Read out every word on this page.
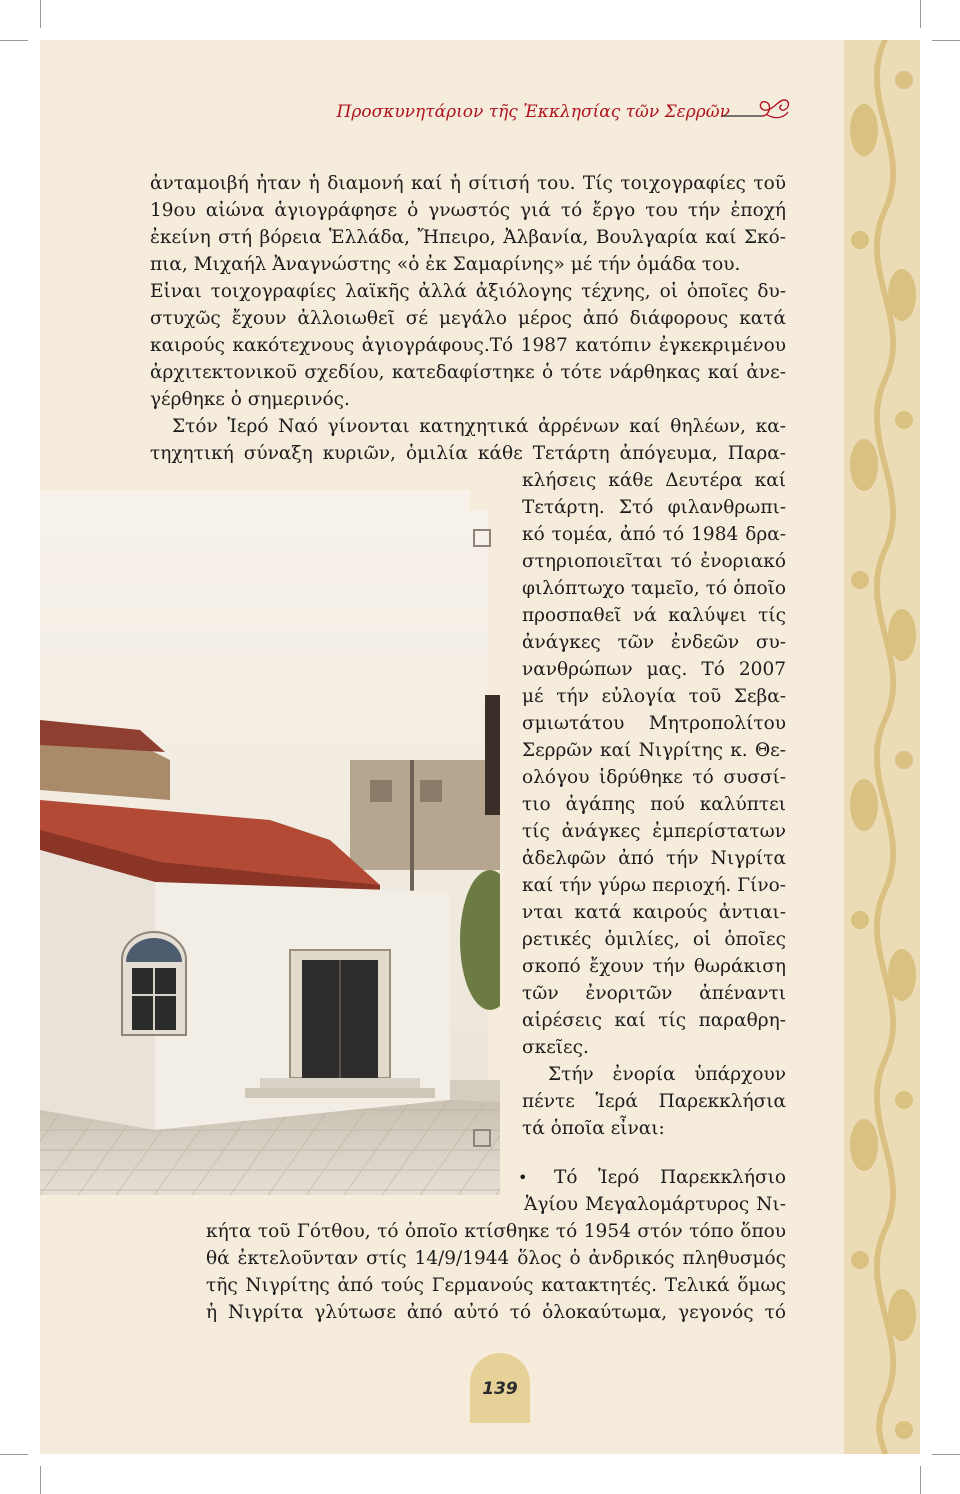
Προσκυνητάριον τῆς Ἐκκλησίας τῶν Σερρῶν
ἀνταμοιβή ἦταν ἡ διαμονή καί ἡ σίτισή του. Τίς τοιχογραφίες τοῦ
19ου αἰώνα ἁγιογράφησε ὁ γνωστός γιά τό ἔργο του τήν ἐποχή
ἐκείνη στή βόρεια Ἑλλάδα, Ἤπειρο, Ἀλβανία, Βουλγαρία καί Σκό-
πια, Μιχαήλ Ἀναγνώστης «ὁ ἐκ Σαμαρίνης» μέ τήν ὁμάδα του.
Εἶναι τοιχογραφίες λαϊκῆς ἀλλά ἀξιόλογης τέχνης, οἱ ὁποῖες δυ-
στυχῶς ἔχουν ἀλλοιωθεῖ σέ μεγάλο μέρος ἀπό διάφορους κατά
καιρούς κακότεχνους ἁγιογράφους.Τό 1987 κατόπιν ἐγκεκριμένου
ἀρχιτεκτονικοῦ σχεδίου, κατεδαφίστηκε ὁ τότε νάρθηκας καί ἀνε-
γέρθηκε ὁ σημερινός.
Στόν Ἱερό Ναό γίνονται κατηχητικά ἀρρένων καί θηλέων, κα-
τηχητική σύναξη κυριῶν, ὁμιλία κάθε Τετάρτη ἀπόγευμα, Παρα-
κλήσεις κάθε Δευτέρα καί
Τετάρτη. Στό φιλανθρωπι-
κό τομέα, ἀπό τό 1984 δρα-
στηριοποιεῖται τό ἐνοριακό
φιλόπτωχο ταμεῖο, τό ὁποῖο
προσπαθεῖ νά καλύψει τίς
ἀνάγκες τῶν ἐνδεῶν συ-
νανθρώπων μας. Τό 2007
μέ τήν εὐλογία τοῦ Σεβα-
σμιωτάτου Μητροπολίτου
Σερρῶν καί Νιγρίτης κ. Θε-
ολόγου ἱδρύθηκε τό συσσί-
τιο ἀγάπης πού καλύπτει
τίς ἀνάγκες ἐμπερίστατων
ἀδελφῶν ἀπό τήν Νιγρίτα
καί τήν γύρω περιοχή. Γίνο-
νται κατά καιρούς ἀντιαι-
ρετικές ὁμιλίες, οἱ ὁποῖες
σκοπό ἔχουν τήν θωράκιση
τῶν ἐνοριτῶν ἀπέναντι
αἱρέσεις καί τίς παραθρη-
σκεῖες.
Στήν ἐνορία ὑπάρχουν
πέντε Ἱερά Παρεκκλήσια
τά ὁποῖα εἶναι:
• Τό Ἱερό Παρεκκλήσιο
Ἁγίου Μεγαλομάρτυρος Νι-
κήτα τοῦ Γότθου, τό ὁποῖο κτίσθηκε τό 1954 στόν τόπο ὅπου
θά ἐκτελοῦνταν στίς 14/9/1944 ὅλος ὁ ἀνδρικός πληθυσμός
τῆς Νιγρίτης ἀπό τούς Γερμανούς κατακτητές. Τελικά ὅμως
ἡ Νιγρίτα γλύτωσε ἀπό αὐτό τό ὁλοκαύτωμα, γεγονός τό
139
